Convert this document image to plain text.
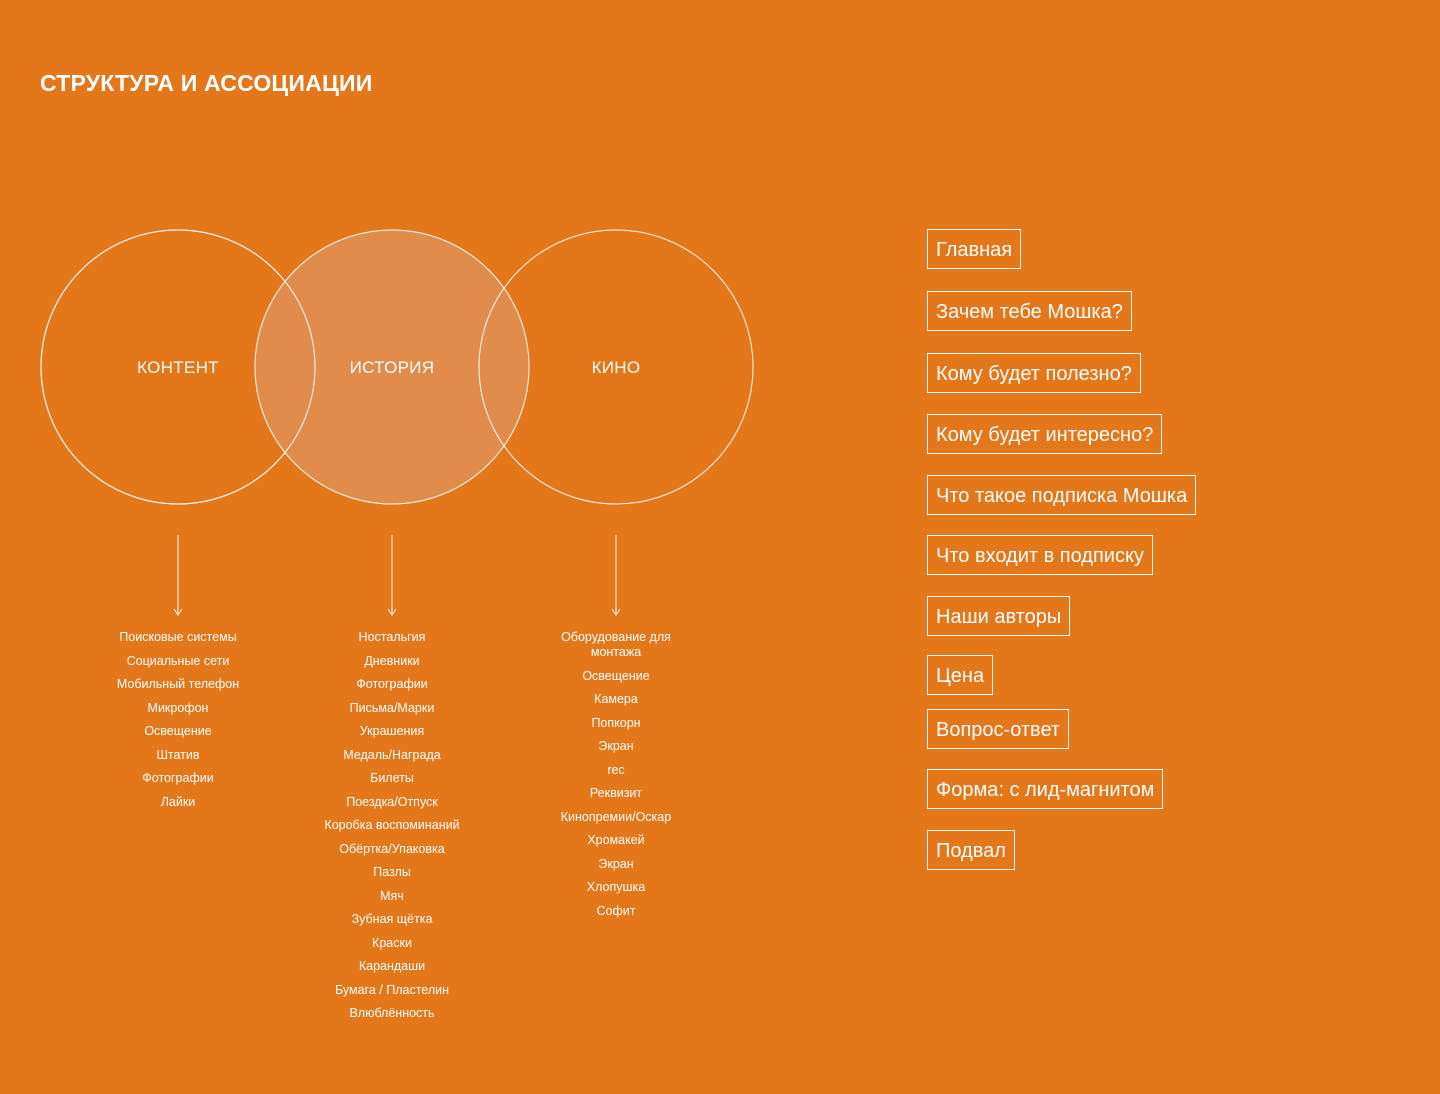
СТРУКТУРА И АССОЦИАЦИИ
КОНТЕНТ	ИСТОРИЯ	КИНО
Поисковые системы
Социальные сети
Мобильный телефон
Микрофон
Освещение
Штатив
Фотографии
Лайки
Ностальгия
Дневники
Фотографии
Письма/Марки
Украшения
Медаль/Награда
Билеты
Поездка/Отпуск
Коробка воспоминаний
Обёртка/Упаковка
Пазлы
Мяч
Зубная щётка
Краски
Карандаши
Бумага / Пластелин
Влюблённость
Оборудование для монтажа
Освещение
Камера
Попкорн
Экран
rec
Реквизит
Кинопремии/Оскар
Хромакей
Экран
Хлопушка
Софит
Главная
Зачем тебе Мошка?
Кому будет полезно?
Кому будет интересно?
Что такое подписка Мошка
Что входит в подписку
Наши авторы
Цена
Вопрос-ответ
Форма: с лид-магнитом
Подвал
